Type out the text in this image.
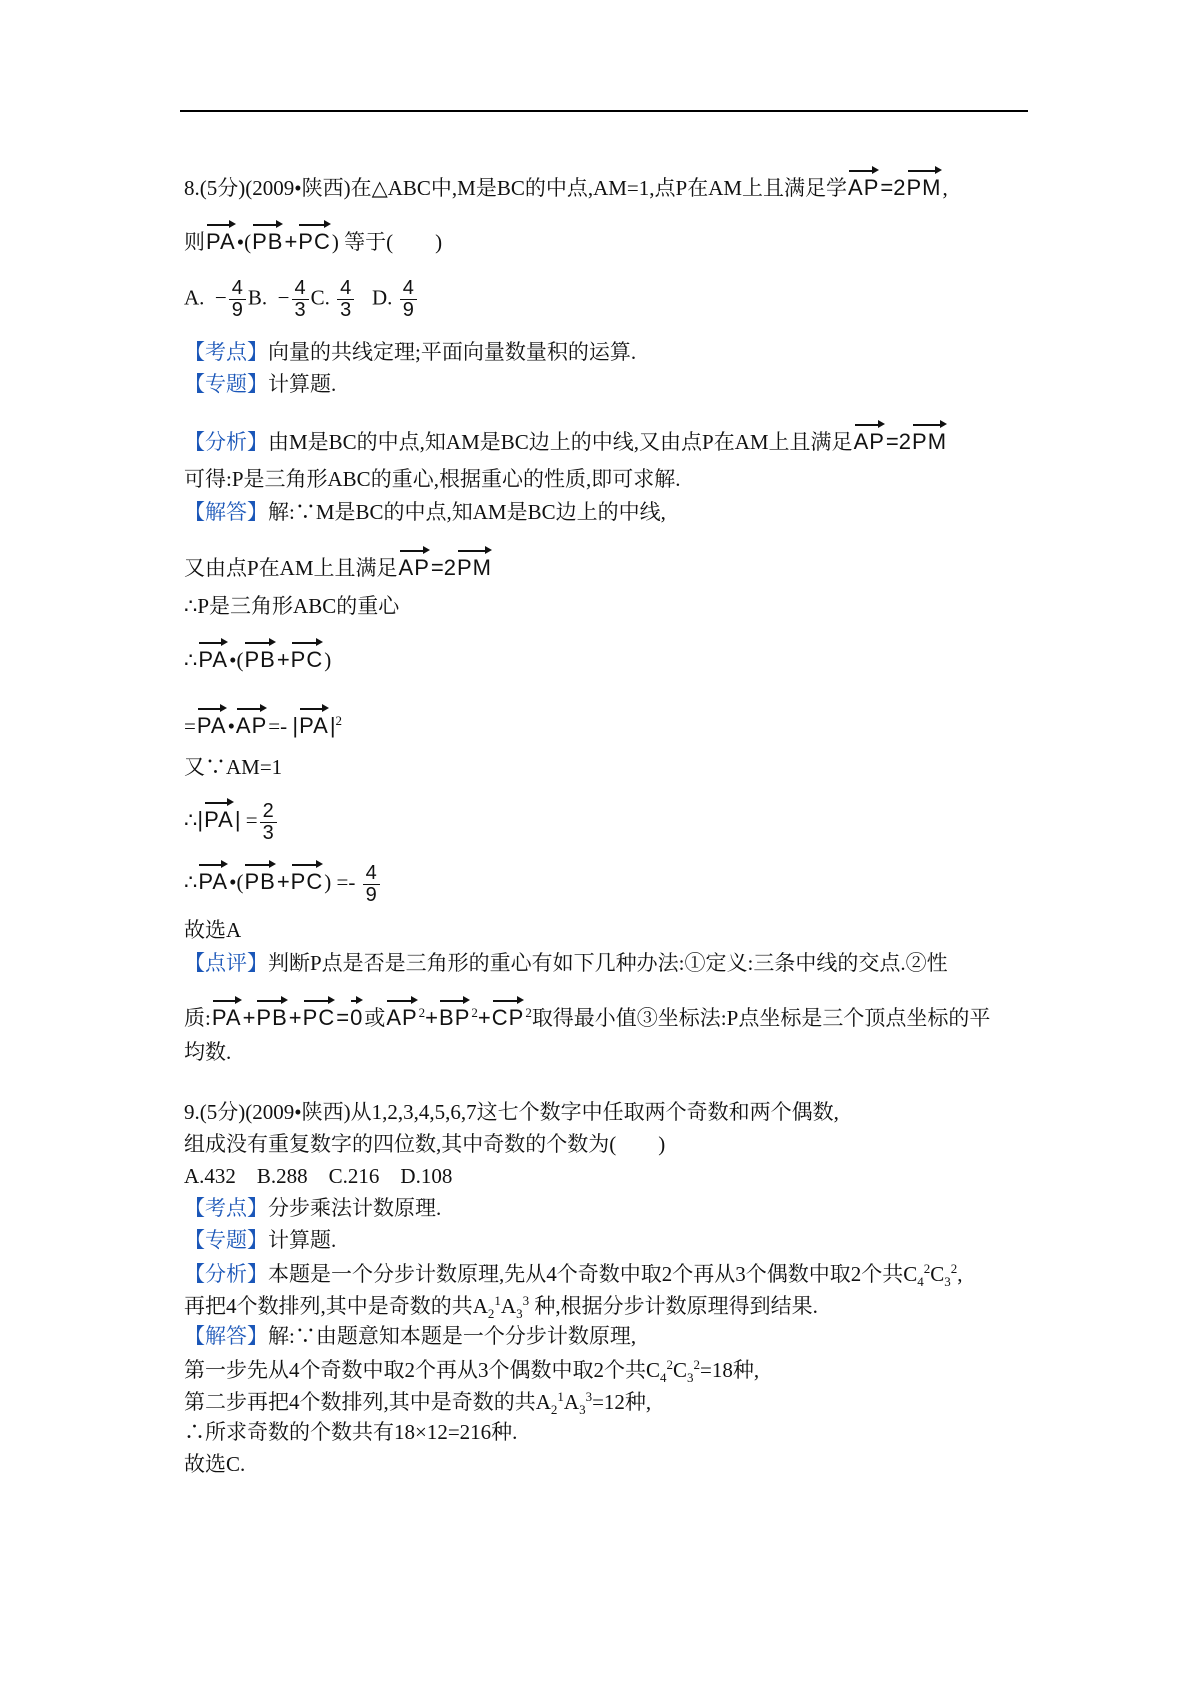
8.(5分)(2009•陕西)在△ABC中,M是BC的中点,AM=1,点P在AM上且满足学AP=2PM,
则PA•(PB+PC) 等于(　　)
A. − $\frac{4}{9} B$. − $\frac{4}{3} C$. $\frac{4}{3} D$. $\frac{4}{9}$
【考点】向量的共线定理;平面向量数量积的运算.
【专题】计算题.
【分析】由M是BC的中点,知AM是BC边上的中线,又由点P在AM上且满足AP=2PM
可得:P是三角形ABC的重心,根据重心的性质,即可求解.
【解答】解:∵M是BC的中点,知AM是BC边上的中线,
又由点P在AM上且满足AP=2PM
∴P是三角形ABC的重心
∴PA•(PB+PC)
=PA•AP=- $|PA|^2$
又∵AM=1
∴|PA| = $\frac{2}{3}$
∴PA•(PB+PC) =- $\frac{4}{9}$
故选A
【点评】判断P点是否是三角形的重心有如下几种办法:①定义:三条中线的交点.②性
质:PA+PB+PC=0或$AP^2+BP^2+CP^2$取得最小值③坐标法:P点坐标是三个顶点坐标的平
均数.
9.(5分)(2009•陕西)从1,2,3,4,5,6,7这七个数字中任取两个奇数和两个偶数,
组成没有重复数字的四位数,其中奇数的个数为(　　)
A.432　B.288　C.216　D.108
【考点】分步乘法计数原理.
【专题】计算题.
【分析】本题是一个分步计数原理,先从4个奇数中取2个再从3个偶数中取2个共$C_4^2C_3^2$,
再把4个数排列,其中是奇数的共$A_2^1A_3^3$ 种,根据分步计数原理得到结果.
【解答】解:∵由题意知本题是一个分步计数原理,
第一步先从4个奇数中取2个再从3个偶数中取2个共$C_4^2C_3^2=18$种,
第二步再把4个数排列,其中是奇数的共$A_2^1A_3^3=12$种,
∴所求奇数的个数共有18×12=216种.
故选C.
